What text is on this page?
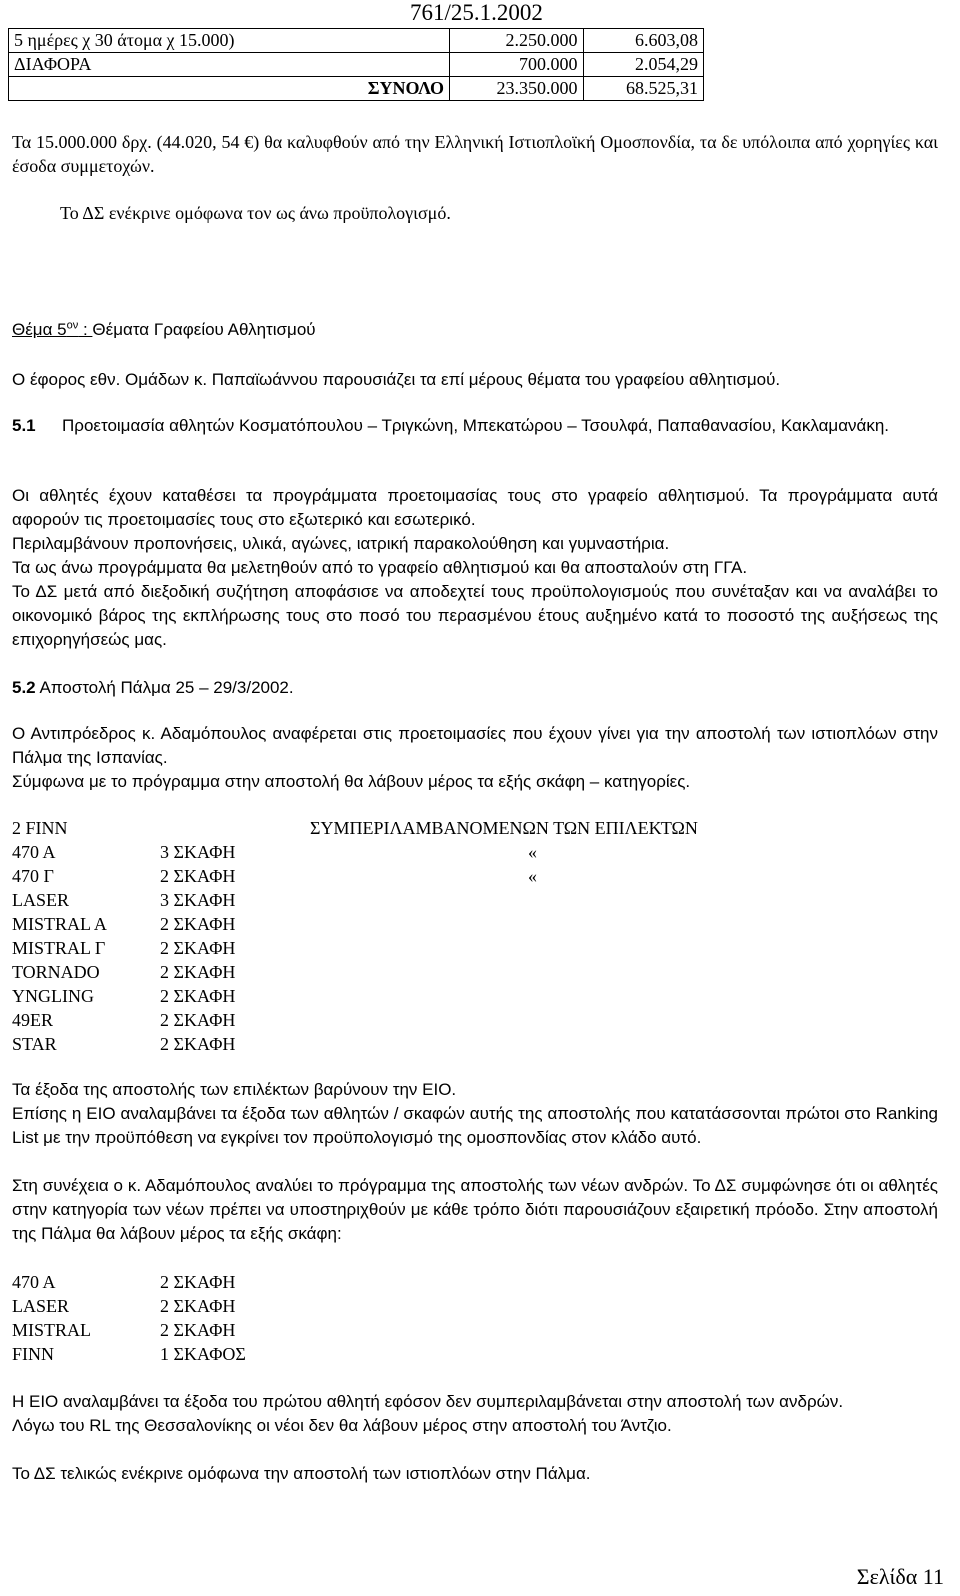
761/25.1.2002
5 ημέρες χ 30 άτομα χ 15.000)	2.250.000	6.603,08
ΔΙΑΦΟΡΑ	700.000	2.054,29
ΣΥΝΟΛΟ	23.350.000	68.525,31

Τα 15.000.000 δρχ. (44.020, 54 €) θα καλυφθούν από την Ελληνική Ιστιοπλοϊκή Ομοσπονδία, τα δε υπόλοιπα από χορηγίες και έσοδα συμμετοχών.

Το ΔΣ ενέκρινε ομόφωνα τον ως άνω προϋπολογισμό.

Θέμα $5^{o\nu}$ : Θέματα Γραφείου Αθλητισμού

Ο έφορος εθν. Ομάδων κ. Παπαϊωάννου παρουσιάζει τα επί μέρους θέματα του γραφείου αθλητισμού.

5.1 Προετοιμασία αθλητών Κοσματόπουλου – Τριγκώνη, Μπεκατώρου – Τσουλφά, Παπαθανασίου, Κακλαμανάκη.

Οι αθλητές έχουν καταθέσει τα προγράμματα προετοιμασίας τους στο γραφείο αθλητισμού. Τα προγράμματα αυτά αφορούν τις προετοιμασίες τους στο εξωτερικό και εσωτερικό.

Περιλαμβάνουν προπονήσεις, υλικά, αγώνες, ιατρική παρακολούθηση και γυμναστήρια.

Τα ως άνω προγράμματα θα μελετηθούν από το γραφείο αθλητισμού και θα αποσταλούν στη ΓΓΑ.

Το ΔΣ μετά από διεξοδική συζήτηση αποφάσισε να αποδεχτεί τους προϋπολογισμούς που συνέταξαν και να αναλάβει το οικονομικό βάρος της εκπλήρωσης τους στο ποσό του περασμένου έτους αυξημένο κατά το ποσοστό της αυξήσεως της επιχορηγήσεώς μας.

5.2 Αποστολή Πάλμα 25 – 29/3/2002.

Ο Αντιπρόεδρος κ. Αδαμόπουλος αναφέρεται στις προετοιμασίες που έχουν γίνει για την αποστολή των ιστιοπλόων στην Πάλμα της Ισπανίας.

Σύμφωνα με το πρόγραμμα στην αποστολή θα λάβουν μέρος τα εξής σκάφη – κατηγορίες.

2 FINN	ΣΥΜΠΕΡΙΛΑΜΒΑΝΟΜΕΝΩΝ ΤΩΝ ΕΠΙΛΕΚΤΩΝ
470 A	3 ΣΚΑΦΗ	«
470 Γ	2 ΣΚΑΦΗ	«
LASER	3 ΣΚΑΦΗ
MISTRAL A	2 ΣΚΑΦΗ
MISTRAL Γ	2 ΣΚΑΦΗ
TORNADO	2 ΣΚΑΦΗ
YNGLING	2 ΣΚΑΦΗ
49ER	2 ΣΚΑΦΗ
STAR	2 ΣΚΑΦΗ

Τα έξοδα της αποστολής των επιλέκτων βαρύνουν την ΕΙΟ.

Επίσης η ΕΙΟ αναλαμβάνει τα έξοδα των αθλητών / σκαφών αυτής της αποστολής που κατατάσσονται πρώτοι στο Ranking List με την προϋπόθεση να εγκρίνει τον προϋπολογισμό της ομοσπονδίας στον κλάδο αυτό.

Στη συνέχεια ο κ. Αδαμόπουλος αναλύει το πρόγραμμα της αποστολής των νέων ανδρών. Το ΔΣ συμφώνησε ότι οι αθλητές στην κατηγορία των νέων πρέπει να υποστηριχθούν με κάθε τρόπο διότι παρουσιάζουν εξαιρετική πρόοδο. Στην αποστολή της Πάλμα θα λάβουν μέρος τα εξής σκάφη:

470 A	2 ΣΚΑΦΗ
LASER	2 ΣΚΑΦΗ
MISTRAL	2 ΣΚΑΦΗ
FINN	1 ΣΚΑΦΟΣ

Η ΕΙΟ αναλαμβάνει τα έξοδα του πρώτου αθλητή εφόσον δεν συμπεριλαμβάνεται στην αποστολή των ανδρών.

Λόγω του RL της Θεσσαλονίκης οι νέοι δεν θα λάβουν μέρος στην αποστολή του Άντζιο.

Το ΔΣ τελικώς ενέκρινε ομόφωνα την αποστολή των ιστιοπλόων στην Πάλμα.

Σελίδα 11
